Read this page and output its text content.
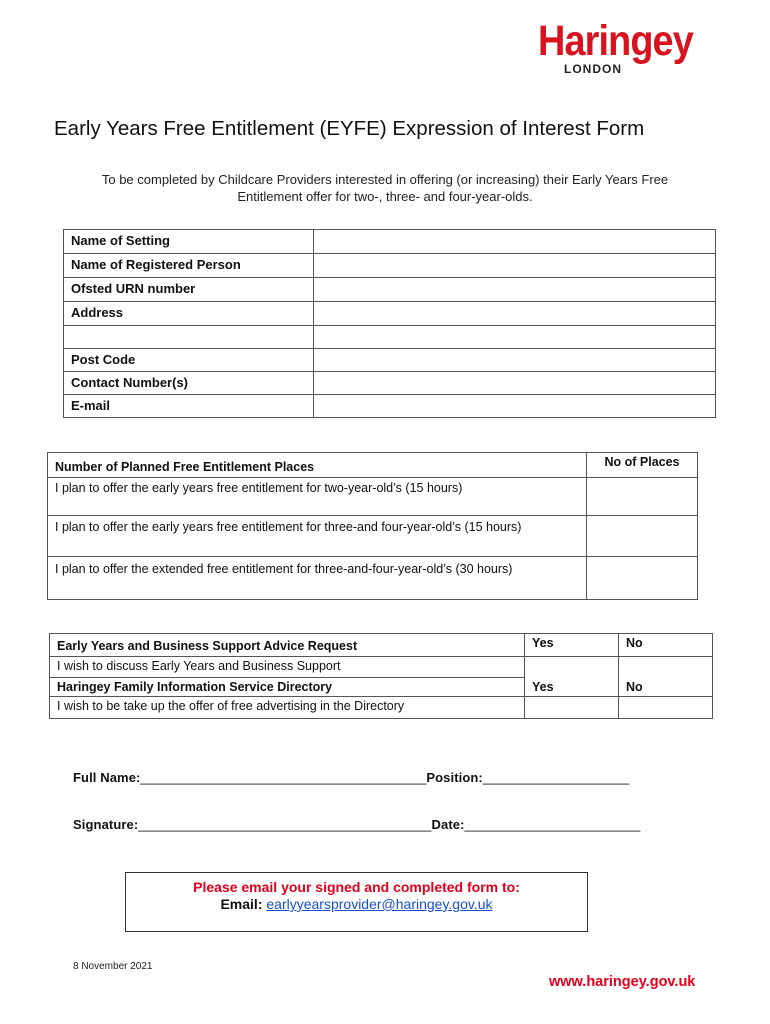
Haringey
LONDON
Early Years Free Entitlement (EYFE) Expression of Interest Form
To be completed by Childcare Providers interested in offering (or increasing) their Early Years Free
Entitlement offer for two-, three- and four-year-olds.
Name of Setting	
Name of Registered Person	
Ofsted URN number	
Address	

Post Code	
Contact Number(s)	
E-mail	
Number of Planned Free Entitlement Places	No of Places
I plan to offer the early years free entitlement for two-year-old’s (15 hours)	
I plan to offer the early years free entitlement for three-and four-year-old’s (15 hours)	
I plan to offer the extended free entitlement for three-and-four-year-old’s (30 hours)	
Early Years and Business Support Advice Request	Yes	No
I wish to discuss Early Years and Business Support		
Haringey Family Information Service Directory	Yes	No
I wish to be take up the offer of free advertising in the Directory		
Full Name:_______________________________________Position:____________________
Signature:________________________________________Date:________________________
Please email your signed and completed form to:
Email: earlyyearsprovider@haringey.gov.uk
8 November 2021
www.haringey.gov.uk
